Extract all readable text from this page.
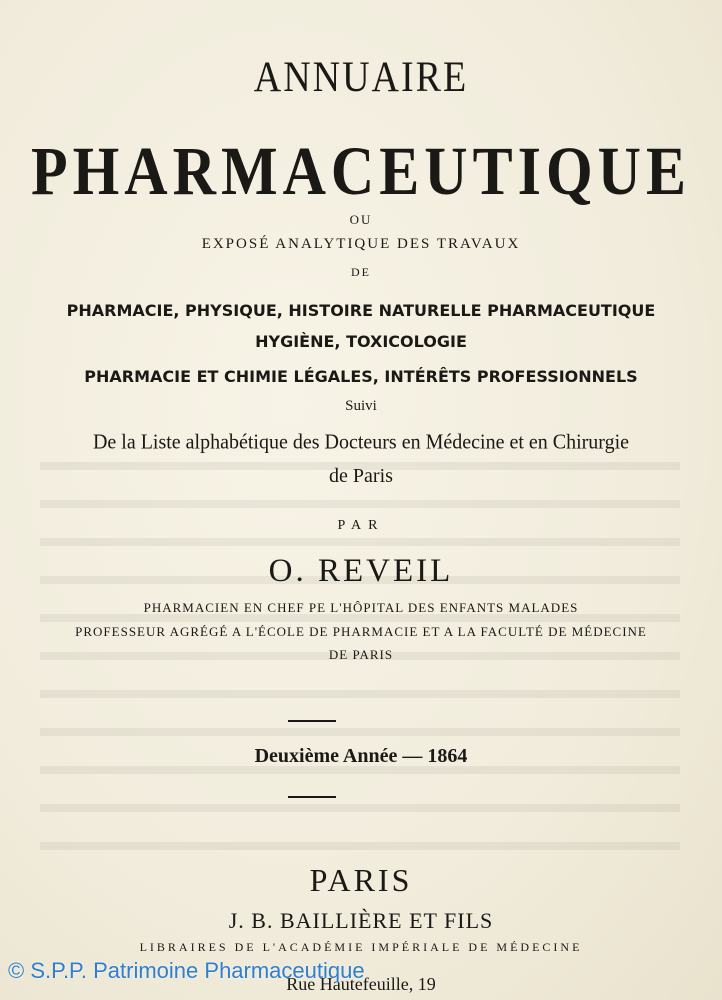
ANNUAIRE
PHARMACEUTIQUE
OU
EXPOSÉ ANALYTIQUE DES TRAVAUX
DE
PHARMACIE, PHYSIQUE, HISTOIRE NATURELLE PHARMACEUTIQUE
HYGIÈNE, TOXICOLOGIE
PHARMACIE ET CHIMIE LÉGALES, INTÉRÊTS PROFESSIONNELS
Suivi
De la Liste alphabétique des Docteurs en Médecine et en Chirurgie
de Paris
PAR
O. REVEIL
PHARMACIEN EN CHEF PE L'HÔPITAL DES ENFANTS MALADES
PROFESSEUR AGRÉGÉ A L'ÉCOLE DE PHARMACIE ET A LA FACULTÉ DE MÉDECINE
DE PARIS
Deuxième Année — 1864
PARIS
J. B. BAILLIÈRE ET FILS
LIBRAIRES DE L'ACADÉMIE IMPÉRIALE DE MÉDECINE
Rue Hautefeuille, 19
© S.P.P. Patrimoine Pharmaceutique
